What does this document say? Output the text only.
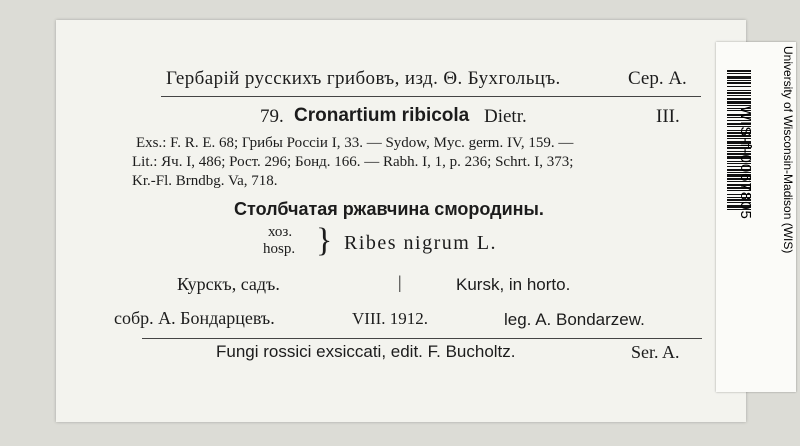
Гербарій русскихъ грибовъ, изд. Θ. Бухгольцъ.	Сер. А.
79. Cronartium ribicola Dietr.	III.
Exs.: F. R. E. 68; Грибы Россіи I, 33. — Sydow, Myc. germ. IV, 159. —
Lit.: Яч. I, 486; Рост. 296; Бонд. 166. — Rabh. I, 1, p. 236; Schrt. I, 373;
Kr.-Fl. Brndbg. Va, 718.
Столбчатая ржавчина смородины.
хоз.
hosp. } Ribes nigrum L.
Курскъ, садъ.	|	Kursk, in horto.
собр. А. Бондарцевъ.	VIII. 1912.	leg. A. Bondarzew.
Fungi rossici exsiccati, edit. F. Bucholtz.	Ser. A.
WIS-f-0067805 University of Wisconsin-Madison (WIS)
